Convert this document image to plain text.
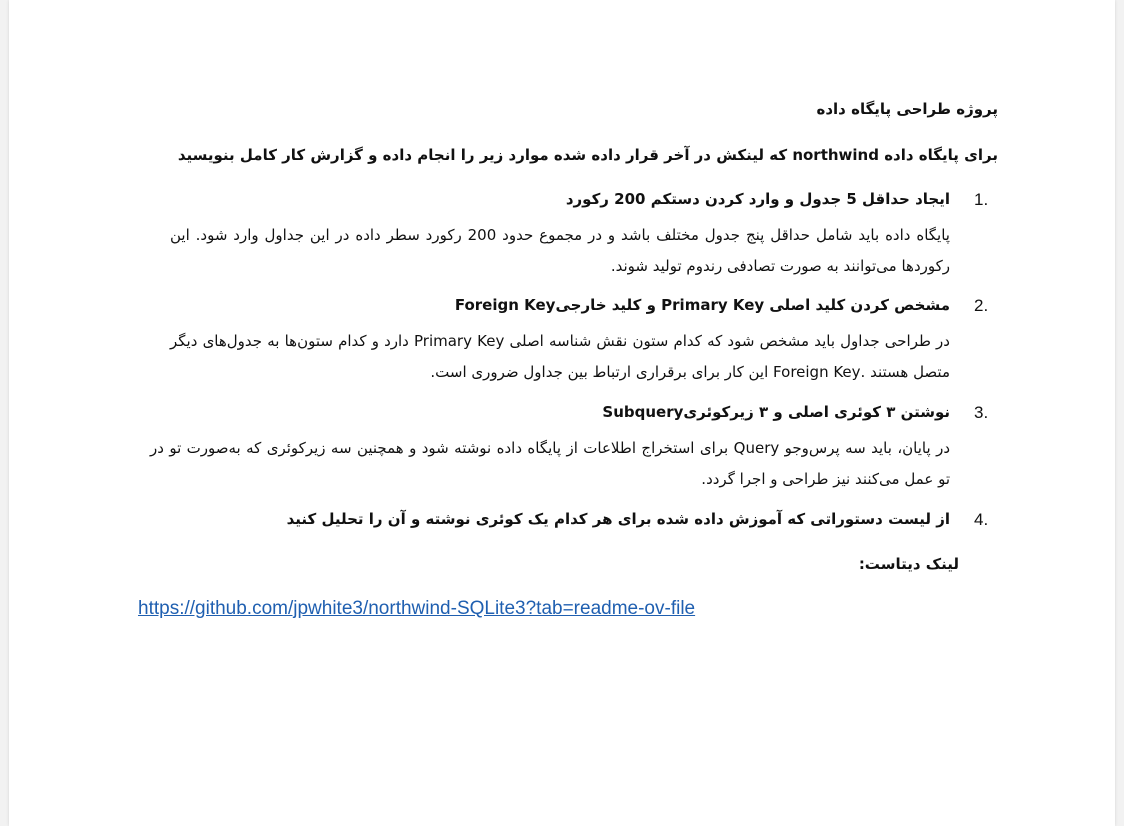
پروژه طراحی پایگاه داده
برای پایگاه داده northwind که لینکش در آخر قرار داده شده موارد زیر را انجام داده و گزارش کار کامل بنویسید
1.
ایجاد حداقل 5 جدول و وارد کردن دستکم 200 رکورد
پایگاه داده باید شامل حداقل پنج جدول مختلف باشد و در مجموع حدود 200 رکورد سطر داده در این جداول وارد شود. این رکوردها می‌توانند به صورت تصادفی رندوم تولید شوند.
2.
مشخص کردن کلید اصلی Primary Key و کلید خارجیForeign Key
در طراحی جداول باید مشخص شود که کدام ستون نقش شناسه اصلی Primary Key دارد و کدام ستون‌ها به جدول‌های دیگر متصل هستند .Foreign Key این کار برای برقراری ارتباط بین جداول ضروری است.
3.
نوشتن ۳ کوئری اصلی و ۳ زیرکوئریSubquery
در پایان، باید سه پرس‌وجو Query برای استخراج اطلاعات از پایگاه داده نوشته شود و همچنین سه زیرکوئری که به‌صورت تو در تو عمل می‌کنند نیز طراحی و اجرا گردد.
4.
از لیست دستوراتی که آموزش داده شده برای هر کدام یک کوئری نوشته و آن را تحلیل کنید
لینک دیتاست:
https://github.com/jpwhite3/northwind-SQLite3?tab=readme-ov-file
